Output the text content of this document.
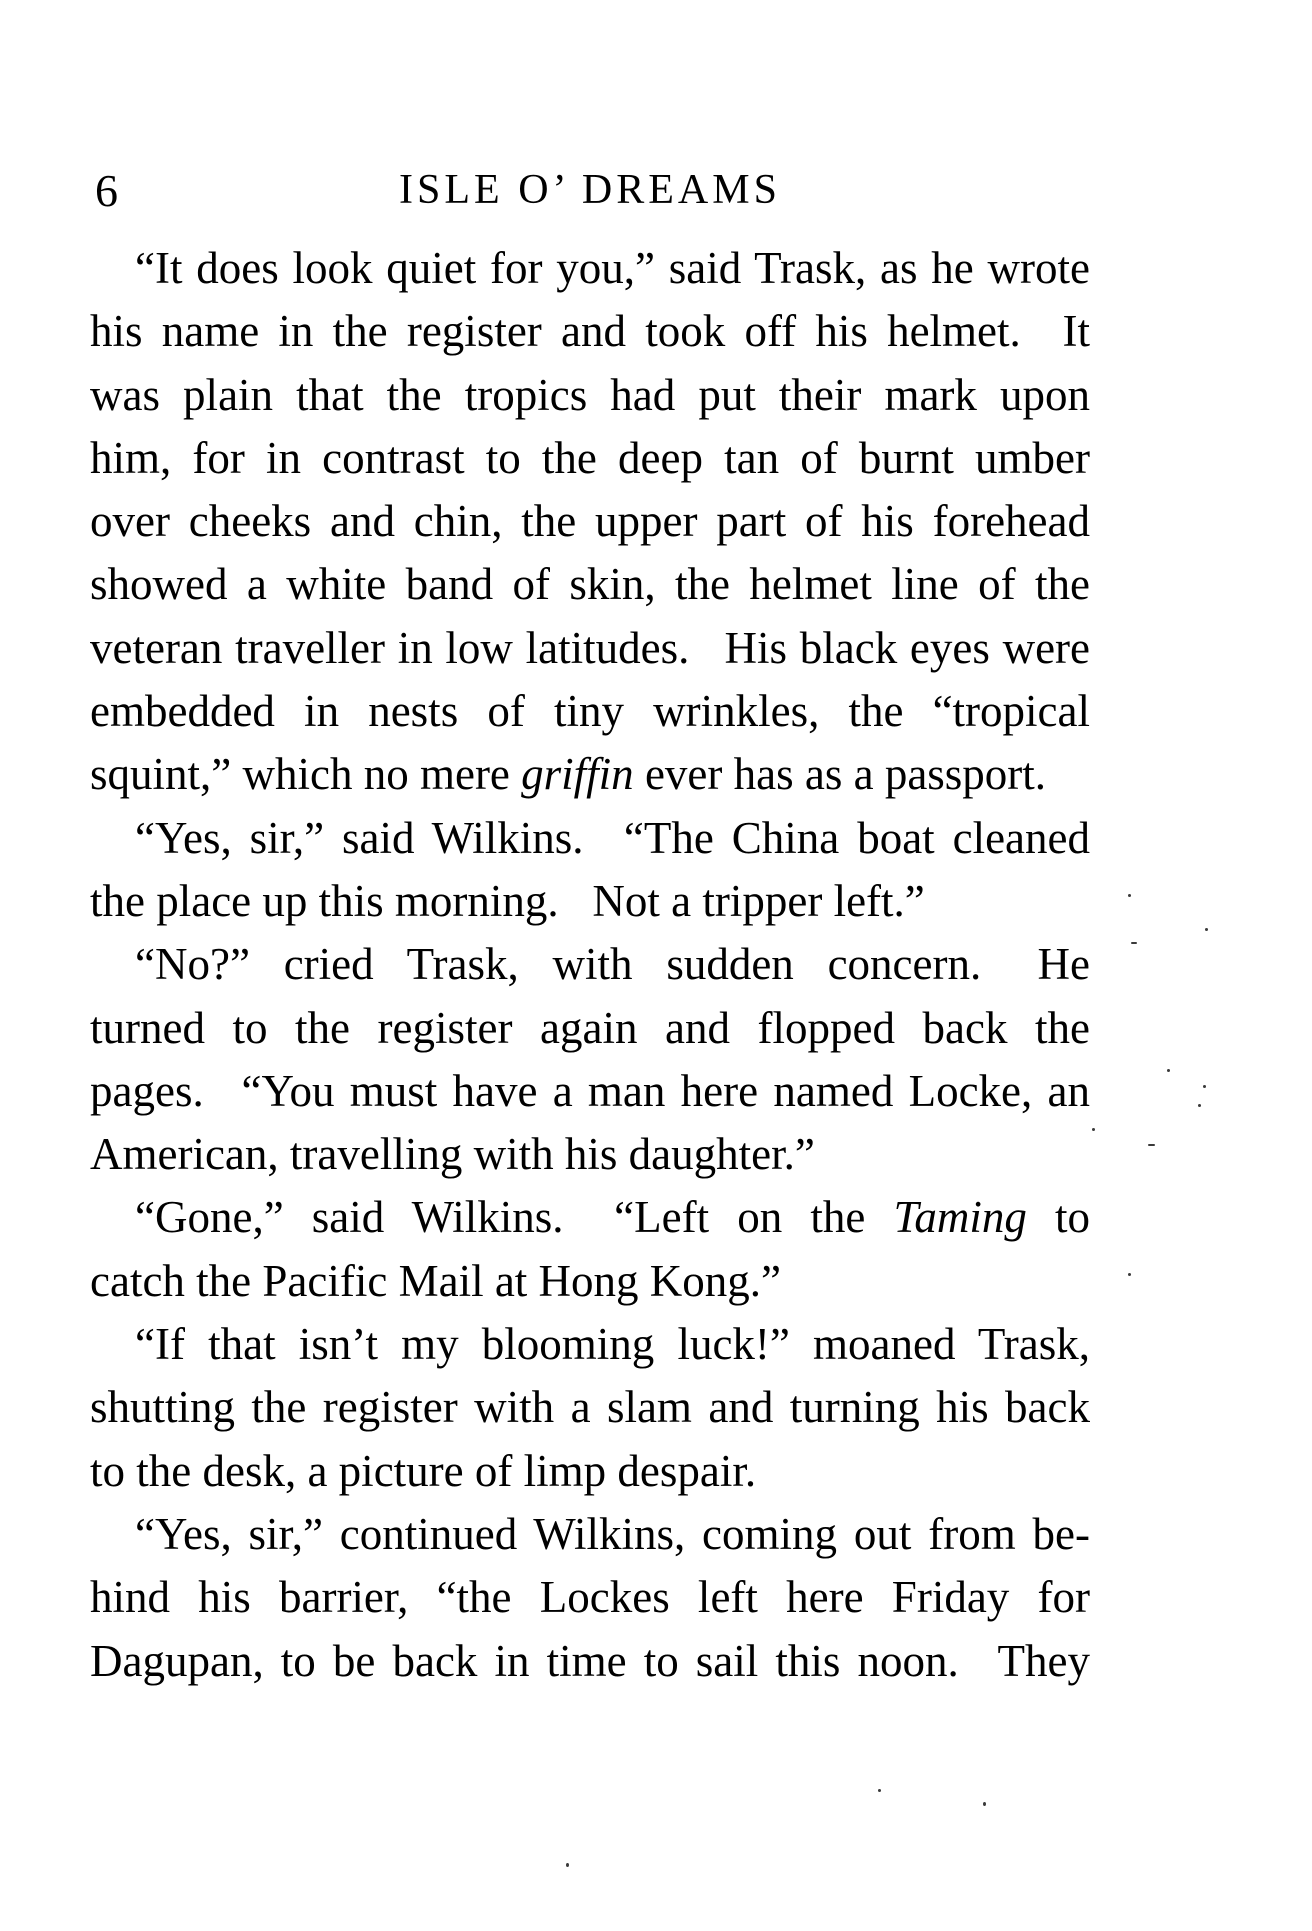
6	ISLE O’ DREAMS
“It does look quiet for you,” said Trask, as he wrote
his name in the register and took off his helmet.  It
was plain that the tropics had put their mark upon
him, for in contrast to the deep tan of burnt umber
over cheeks and chin, the upper part of his forehead
showed a white band of skin, the helmet line of the
veteran traveller in low latitudes.  His black eyes were
embedded in nests of tiny wrinkles, the “tropical
squint,” which no mere griffin ever has as a passport.
“Yes, sir,” said Wilkins.  “The China boat cleaned
the place up this morning.  Not a tripper left.”
“No?” cried Trask, with sudden concern.  He
turned to the register again and flopped back the
pages.  “You must have a man here named Locke, an
American, travelling with his daughter.”
“Gone,” said Wilkins.  “Left on the Taming to
catch the Pacific Mail at Hong Kong.”
“If that isn’t my blooming luck!” moaned Trask,
shutting the register with a slam and turning his back
to the desk, a picture of limp despair.
“Yes, sir,” continued Wilkins, coming out from be-
hind his barrier, “the Lockes left here Friday for
Dagupan, to be back in time to sail this noon.  They
